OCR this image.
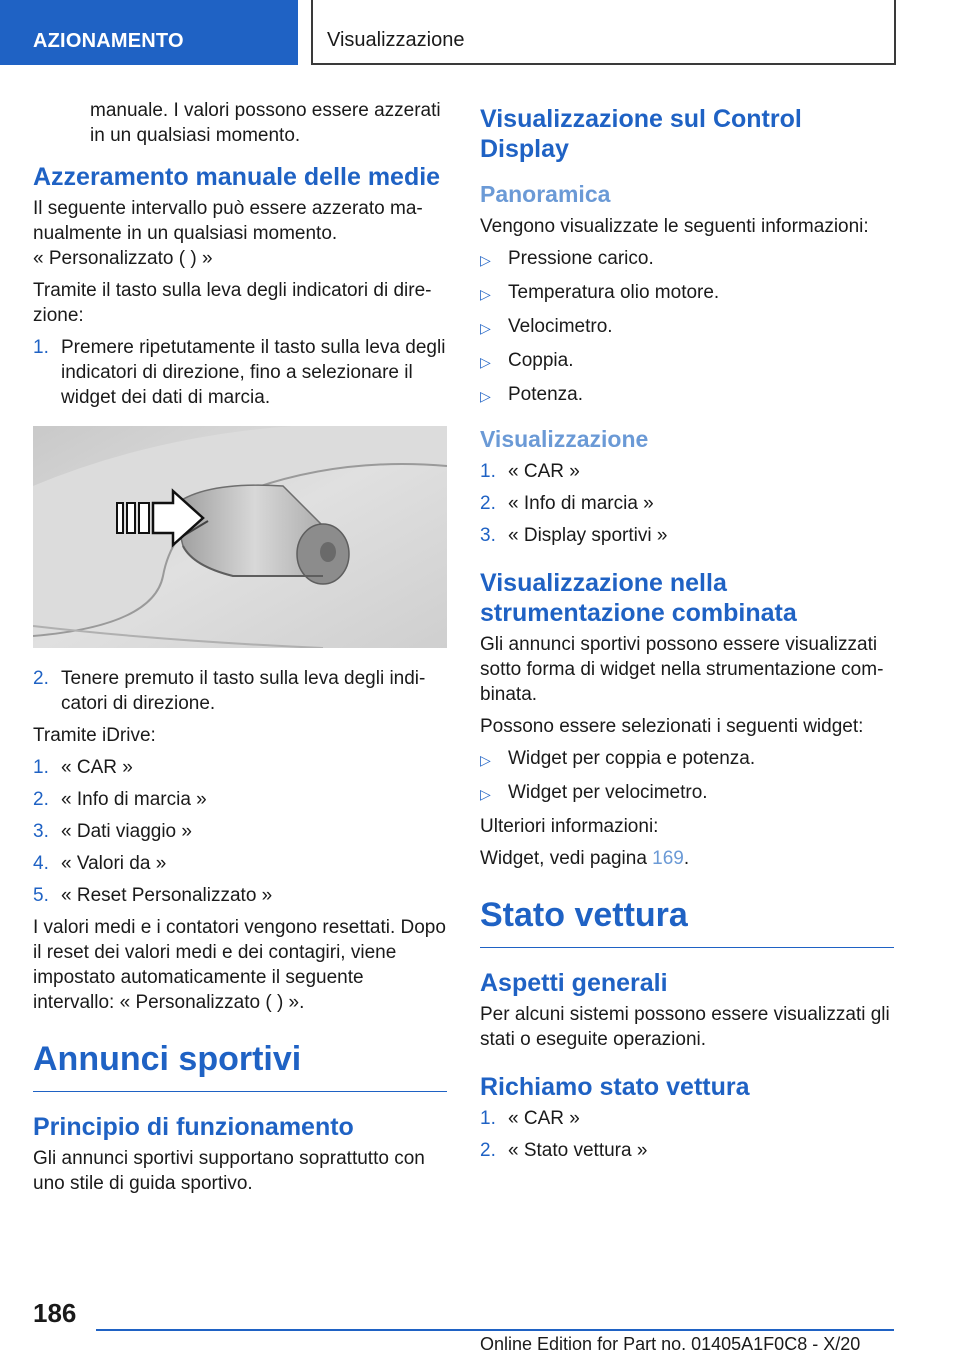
AZIONAMENTO	Visualizzazione

manuale. I valori possono essere azzerati in un qualsiasi momento.

Azzeramento manuale delle medie

Il seguente intervallo può essere azzerato manualmente in un qualsiasi momento.

« Personalizzato ( ) »

Tramite il tasto sulla leva degli indicatori di direzione:

1. Premere ripetutamente il tasto sulla leva degli indicatori di direzione, fino a selezionare il widget dei dati di marcia.
2. Tenere premuto il tasto sulla leva degli indicatori di direzione.

Tramite iDrive:

1. « CAR »
2. « Info di marcia »
3. « Dati viaggio »
4. « Valori da »
5. « Reset Personalizzato »

I valori medi e i contatori vengono resettati. Dopo il reset dei valori medi e dei contagiri, viene impostato automaticamente il seguente intervallo: « Personalizzato ( ) ».

Annunci sportivi
Principio di funzionamento

Gli annunci sportivi supportano soprattutto con uno stile di guida sportivo.

Visualizzazione sul Control Display
Panoramica

Vengono visualizzate le seguenti informazioni:

▷ Pressione carico.
▷ Temperatura olio motore.
▷ Velocimetro.
▷ Coppia.
▷ Potenza.
Visualizzazione
1. « CAR »
2. « Info di marcia »
3. « Display sportivi »
Visualizzazione nella strumentazione combinata

Gli annunci sportivi possono essere visualizzati sotto forma di widget nella strumentazione combinata.

Possono essere selezionati i seguenti widget:

▷ Widget per coppia e potenza.
▷ Widget per velocimetro.

Ulteriori informazioni:

Widget, vedi pagina 169.

Stato vettura
Aspetti generali

Per alcuni sistemi possono essere visualizzati gli stati o eseguite operazioni.

Richiamo stato vettura
1. « CAR »
2. « Stato vettura »
186
Online Edition for Part no. 01405A1F0C8 - X/20
